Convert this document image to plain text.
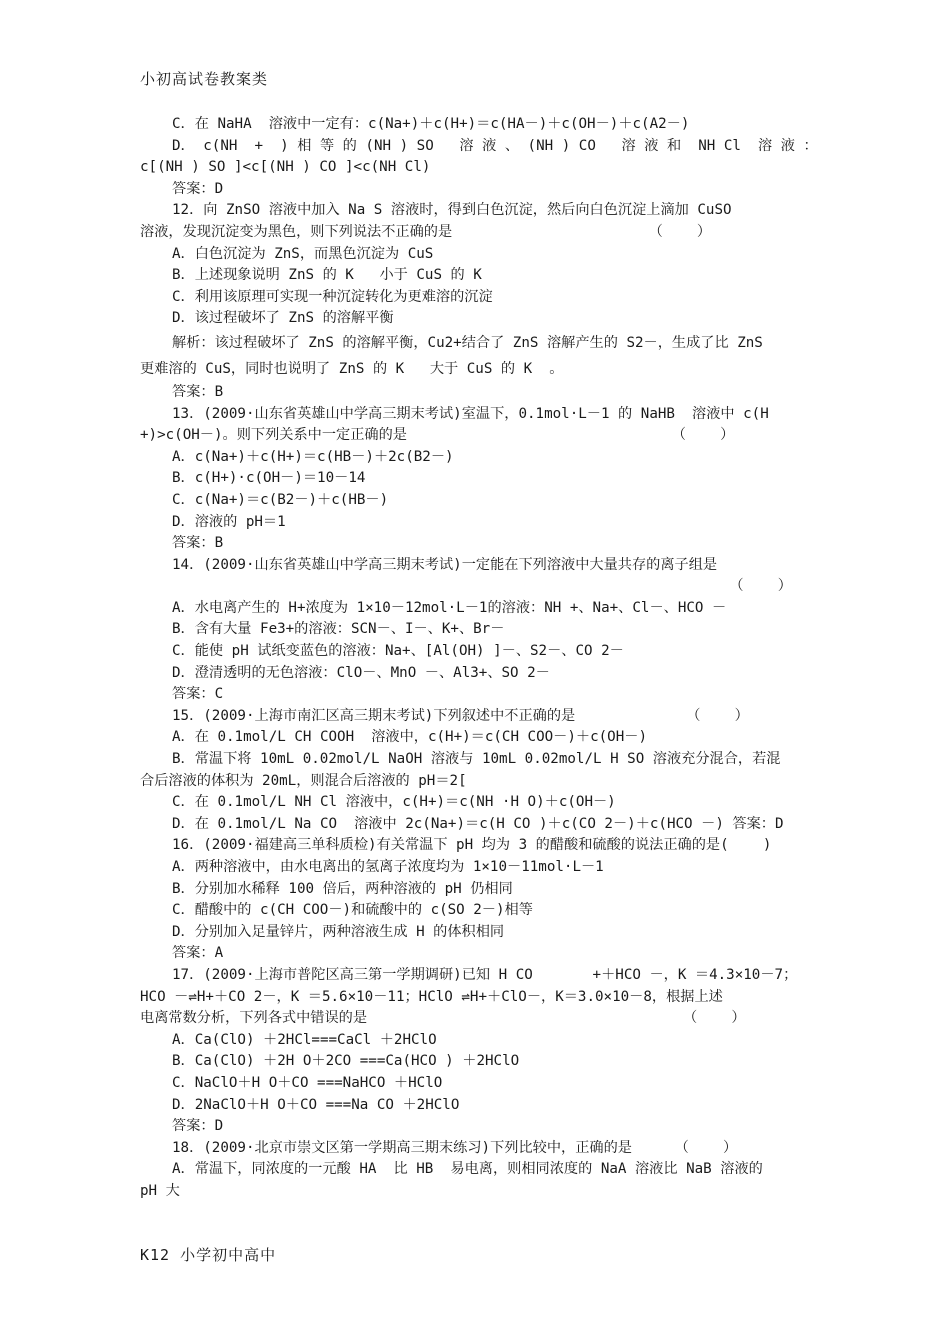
小初高试卷教案类
C．在 NaHA  溶液中一定有：c(Na+)＋c(H+)＝c(HA－)＋c(OH－)＋c(A2－)
D． c(NH  +  ) 相 等 的 (NH ) SO   溶 液 、 (NH ) CO   溶 液 和  NH Cl  溶 液 ：
c[(NH ) SO ]<c[(NH ) CO ]<c(NH Cl)
答案：D
12．向 ZnSO 溶液中加入 Na S 溶液时，得到白色沉淀，然后向白色沉淀上滴加 CuSO
溶液，发现沉淀变为黑色，则下列说法不正确的是                       （    ）
A．白色沉淀为 ZnS，而黑色沉淀为 CuS
B．上述现象说明 ZnS 的 K   小于 CuS 的 K
C．利用该原理可实现一种沉淀转化为更难溶的沉淀
D．该过程破坏了 ZnS 的溶解平衡
解析：该过程破坏了 ZnS 的溶解平衡，Cu2+结合了 ZnS 溶解产生的 S2－，生成了比 ZnS
更难溶的 CuS，同时也说明了 ZnS 的 K   大于 CuS 的 K  。
答案：B
13．(2009·山东省英雄山中学高三期末考试)室温下，0.1mol·L－1 的 NaHB  溶液中 c(H
+)>c(OH－)。则下列关系中一定正确的是                               （    ）
A．c(Na+)＋c(H+)＝c(HB－)＋2c(B2－)
B．c(H+)·c(OH－)＝10－14
C．c(Na+)＝c(B2－)＋c(HB－)
D．溶液的 pH＝1
答案：B
14．(2009·山东省英雄山中学高三期末考试)一定能在下列溶液中大量共存的离子组是
（    ）
A．水电离产生的 H+浓度为 1×10－12mol·L－1的溶液：NH +、Na+、Cl－、HCO －
B．含有大量 Fe3+的溶液：SCN－、I－、K+、Br－
C．能使 pH 试纸变蓝色的溶液：Na+、[Al(OH) ]－、S2－、CO 2－
D．澄清透明的无色溶液：ClO－、MnO －、Al3+、SO 2－
答案：C
15．(2009·上海市南汇区高三期末考试)下列叙述中不正确的是             （    ）
A．在 0.1mol/L CH COOH  溶液中，c(H+)＝c(CH COO－)＋c(OH－)
B．常温下将 10mL 0.02mol/L NaOH 溶液与 10mL 0.02mol/L H SO 溶液充分混合，若混
合后溶液的体积为 20mL，则混合后溶液的 pH＝2[
C．在 0.1mol/L NH Cl 溶液中，c(H+)＝c(NH ·H O)＋c(OH－)
D．在 0.1mol/L Na CO  溶液中 2c(Na+)＝c(H CO )＋c(CO 2－)＋c(HCO －) 答案：D
16．(2009·福建高三单科质检)有关常温下 pH 均为 3 的醋酸和硫酸的说法正确的是(    )
A．两种溶液中，由水电离出的氢离子浓度均为 1×10－11mol·L－1
B．分别加水稀释 100 倍后，两种溶液的 pH 仍相同
C．醋酸中的 c(CH COO－)和硫酸中的 c(SO 2－)相等
D．分别加入足量锌片，两种溶液生成 H 的体积相同
答案：A
17．(2009·上海市普陀区高三第一学期调研)已知 H CO       +＋HCO －，K ＝4.3×10－7；
HCO －⇌H+＋CO 2－，K ＝5.6×10－11；HClO ⇌H+＋ClO－，K＝3.0×10－8，根据上述
电离常数分析，下列各式中错误的是                                     （    ）
A．Ca(ClO) ＋2HCl===CaCl ＋2HClO
B．Ca(ClO) ＋2H O＋2CO ===Ca(HCO ) ＋2HClO
C．NaClO＋H O＋CO ===NaHCO ＋HClO
D．2NaClO＋H O＋CO ===Na CO ＋2HClO
答案：D
18．(2009·北京市崇文区第一学期高三期末练习)下列比较中，正确的是     （    ）
A．常温下，同浓度的一元酸 HA  比 HB  易电离，则相同浓度的 NaA 溶液比 NaB 溶液的
pH 大
K12 小学初中高中
